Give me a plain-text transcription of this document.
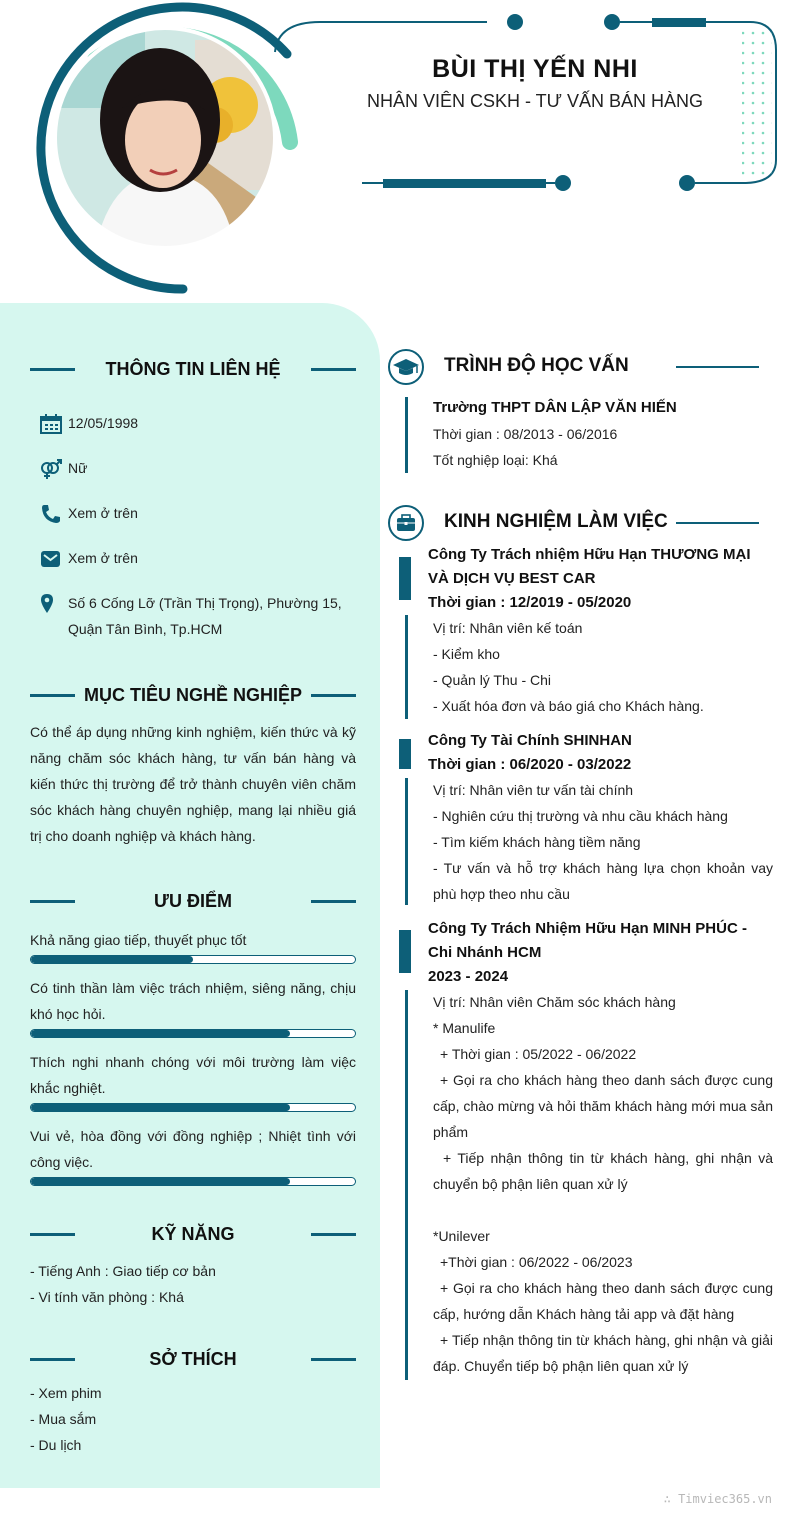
BÙI THỊ YẾN NHI
NHÂN VIÊN CSKH - TƯ VẤN BÁN HÀNG
THÔNG TIN LIÊN HỆ
12/05/1998
Nữ
Xem ở trên
Xem ở trên
Số 6 Cống Lỡ (Trần Thị Trọng), Phường 15,
Quận Tân Bình, Tp.HCM
MỤC TIÊU NGHỀ NGHIỆP
Có thể áp dụng những kinh nghiệm, kiến thức và kỹ năng chăm sóc khách hàng, tư vấn bán hàng và kiến thức thị trường để trở thành chuyên viên chăm sóc khách hàng chuyên nghiệp, mang lại nhiều giá trị cho doanh nghiệp và khách hàng.
ƯU ĐIỂM
Khả năng giao tiếp, thuyết phục tốt
Có tinh thần làm việc trách nhiệm, siêng năng, chịu khó học hỏi.
Thích nghi nhanh chóng với môi trường làm việc khắc nghiệt.
Vui vẻ, hòa đồng với đồng nghiệp ; Nhiệt tình với công việc.
KỸ NĂNG
- Tiếng Anh : Giao tiếp cơ bản
- Vi tính văn phòng : Khá
SỞ THÍCH
- Xem phim
- Mua sắm
- Du lịch
TRÌNH ĐỘ HỌC VẤN
Trường THPT DÂN LẬP VĂN HIẾN
Thời gian : 08/2013 - 06/2016
Tốt nghiệp loại: Khá
KINH NGHIỆM LÀM VIỆC
Công Ty Trách nhiệm Hữu Hạn THƯƠNG MẠI
VÀ DỊCH VỤ BEST CAR
Thời gian : 12/2019 - 05/2020
Vị trí: Nhân viên kế toán
- Kiểm kho
- Quản lý Thu - Chi
- Xuất hóa đơn và báo giá cho Khách hàng.
Công Ty Tài Chính SHINHAN
Thời gian : 06/2020 - 03/2022
Vị trí: Nhân viên tư vấn tài chính
- Nghiên cứu thị trường và nhu cầu khách hàng
- Tìm kiếm khách hàng tiềm năng
- Tư vấn và hỗ trợ khách hàng lựa chọn khoản vay phù hợp theo nhu cầu
Công Ty Trách Nhiệm Hữu Hạn MINH PHÚC -
Chi Nhánh HCM
2023 - 2024
Vị trí: Nhân viên Chăm sóc khách hàng
* Manulife
+ Thời gian : 05/2022 - 06/2022
+ Gọi ra cho khách hàng theo danh sách được cung cấp, chào mừng và hỏi thăm khách hàng mới mua sản phẩm
+ Tiếp nhận thông tin từ khách hàng, ghi nhận và chuyển bộ phận liên quan xử lý
*Unilever
+Thời gian : 06/2022 - 06/2023
+ Gọi ra cho khách hàng theo danh sách được cung cấp, hướng dẫn Khách hàng tải app và đặt hàng
+ Tiếp nhận thông tin từ khách hàng, ghi nhận và giải đáp. Chuyển tiếp bộ phận liên quan xử lý
∴ Timviec365.vn
